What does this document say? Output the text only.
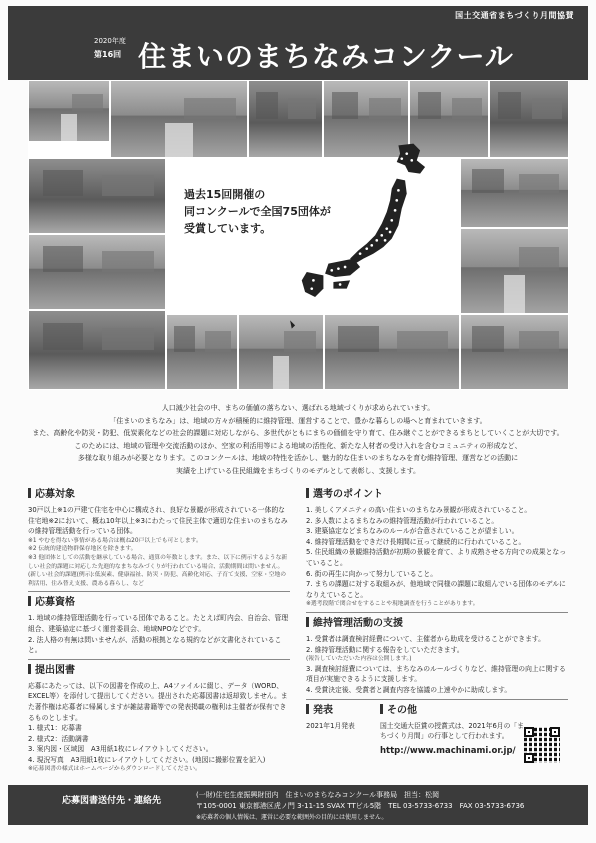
国土交通省まちづくり月間協賛
2020年度
第16回 住まいのまちなみコンクール
過去15回開催の
同コンクールで全国75団体が
受賞しています。
人口減少社会の中、まちの価値の落ちない、選ばれる地域づくりが求められています。
「住まいのまちなみ」は、地域の方々が積極的に維持管理、運営することで、豊かな暮らしの場へと育まれていきます。
また、高齢化や防災・防犯、低炭素化などの社会的課題に対応しながら、多世代がともにまちの価値を守り育て、住み継ぐことができるまちとしていくことが大切です。
このためには、地域の管理や交流活動のほか、空家の利活用等による地域の活性化、新たな人材者の受け入れを含むコミュニティの形成など、
多様な取り組みが必要となります。このコンクールは、地域の特性を活かし、魅力的な住まいのまちなみを育む維持管理、運営などの活動に
実績を上げている住民組織をまちづくりのモデルとして表彰し、支援します。
応募対象
30戸以上※1の戸建て住宅を中心に構成され、良好な景観が形成されている一体的な住宅地※2において、概ね10年以上※3にわたって住民主体で適切な住まいのまちなみの維持管理活動を行っている団体。
※1 やむを得ない事情がある場合は概ね20戸以上でも可とします。
※2 伝統的建造物群保存地区を除きます。
※3 他団体としての活動を継承している場合、通算の年数とします。また、以下に例示するような新しい社会的課題に対応した先進的なまちなみづくりが行われている場合、活動期間は問いません。(新しい社会的課題(例示):低炭素、健康福祉、防災・防犯、高齢化対応、子育て支援、空家・空地の利活用、住み替え支援、農ある暮らし、など
応募資格
1. 地域の維持管理活動を行っている団体であること。たとえば町内会、自治会、管理組合、建築協定に基づく運営委員会、地域NPOなどです。
2. 法人格の有無は問いませんが、活動の根拠となる規約などが文書化されていること。
提出図書
応募にあたっては、以下の図書を作成の上、A4ファイルに綴じ、データ（WORD、EXCEL等）を添付して提出してください。提出された応募図書は返却致しません。また著作権は応募者に帰属しますが雑誌書籍等での発表掲載の権利は主催者が保有できるものとします。
1. 様式1：応募書
2. 様式2：活動調書
3. 案内図・区域図　A3用紙1枚にレイアウトしてください。
4. 現況写真　A3用紙1枚にレイアウトしてください。(地図に撮影位置を記入)
※応募図書の様式はホームページからダウンロードしてください。
選考のポイント
1. 美しくアメニティの高い住まいのまちなみ景観が形成されていること。
2. 多人数によるまちなみの維持管理活動が行われていること。
3. 建築協定などまちなみのルールが合意されていることが望ましい。
4. 維持管理活動をできだけ長期間に亘って継続的に行われていること。
5. 住民組織の景観維持活動が初期の景観を育て、より成熟させる方向での成果となっていること。
6. 街の再生に向かって努力していること。
7. まちの課題に対する取組みが、他地域で同様の課題に取組んでいる団体のモデルになりえていること。
※選考段階で関合せをすることや現地調査を行うことがあります。
維持管理活動の支援
1. 受賞者は調査検討経費について、主催者から助成を受けることができます。
2. 維持管理活動に関する報告をしていただきます。
(報告していただいた内容は公開します。)
3. 調査検討経費については、まちなみのルールづくりなど、維持管理の向上に関する項目が実施できるように支援します。
4. 受賞決定後、受賞者と調査内容を協議の上速やかに助成します。
発表
2021年1月発表
その他
国土交通大臣賞の授賞式は、2021年6月の「まちづくり月間」の行事として行われます。
http://www.machinami.or.jp/
応募図書送付先・連絡先
(一財)住宅生産振興財団内　住まいのまちなみコンクール事務局　担当：松岡
〒105-0001 東京都港区虎ノ門 3-11-15 SVAX TTビル5階　TEL 03-5733-6733　FAX 03-5733-6736
※応募者の個人情報は、運営に必要な範囲外の目的には使用しません。
